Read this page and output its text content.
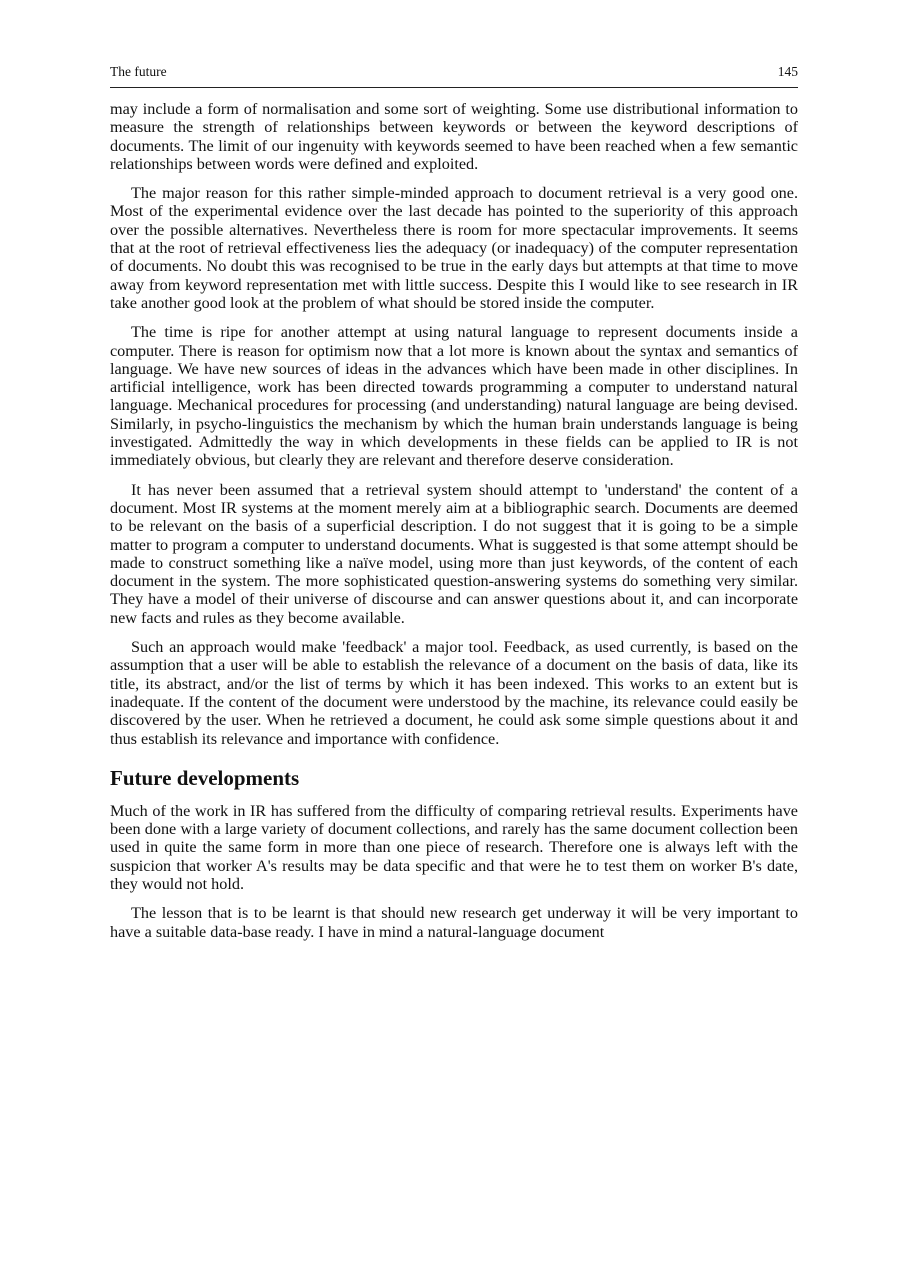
The future	145

may include a form of normalisation and some sort of weighting. Some use distributional information to measure the strength of relationships between keywords or between the keyword descriptions of documents. The limit of our ingenuity with keywords seemed to have been reached when a few semantic relationships between words were defined and exploited.

The major reason for this rather simple-minded approach to document retrieval is a very good one. Most of the experimental evidence over the last decade has pointed to the superiority of this approach over the possible alternatives. Nevertheless there is room for more spectacular improvements. It seems that at the root of retrieval effectiveness lies the adequacy (or inadequacy) of the computer representation of documents. No doubt this was recognised to be true in the early days but attempts at that time to move away from keyword representation met with little success. Despite this I would like to see research in IR take another good look at the problem of what should be stored inside the computer.

The time is ripe for another attempt at using natural language to represent documents inside a computer. There is reason for optimism now that a lot more is known about the syntax and semantics of language. We have new sources of ideas in the advances which have been made in other disciplines. In artificial intelligence, work has been directed towards programming a computer to understand natural language. Mechanical procedures for processing (and understanding) natural language are being devised. Similarly, in psycho-linguistics the mechanism by which the human brain understands language is being investigated. Admittedly the way in which developments in these fields can be applied to IR is not immediately obvious, but clearly they are relevant and therefore deserve consideration.

It has never been assumed that a retrieval system should attempt to 'understand' the content of a document. Most IR systems at the moment merely aim at a bibliographic search. Documents are deemed to be relevant on the basis of a superficial description. I do not suggest that it is going to be a simple matter to program a computer to understand documents. What is suggested is that some attempt should be made to construct something like a naïve model, using more than just keywords, of the content of each document in the system. The more sophisticated question-answering systems do something very similar. They have a model of their universe of discourse and can answer questions about it, and can incorporate new facts and rules as they become available.

Such an approach would make 'feedback' a major tool. Feedback, as used currently, is based on the assumption that a user will be able to establish the relevance of a document on the basis of data, like its title, its abstract, and/or the list of terms by which it has been indexed. This works to an extent but is inadequate. If the content of the document were understood by the machine, its relevance could easily be discovered by the user. When he retrieved a document, he could ask some simple questions about it and thus establish its relevance and importance with confidence.

Future developments

Much of the work in IR has suffered from the difficulty of comparing retrieval results. Experiments have been done with a large variety of document collections, and rarely has the same document collection been used in quite the same form in more than one piece of research. Therefore one is always left with the suspicion that worker A's results may be data specific and that were he to test them on worker B's date, they would not hold.

The lesson that is to be learnt is that should new research get underway it will be very important to have a suitable data-base ready. I have in mind a natural-language document
